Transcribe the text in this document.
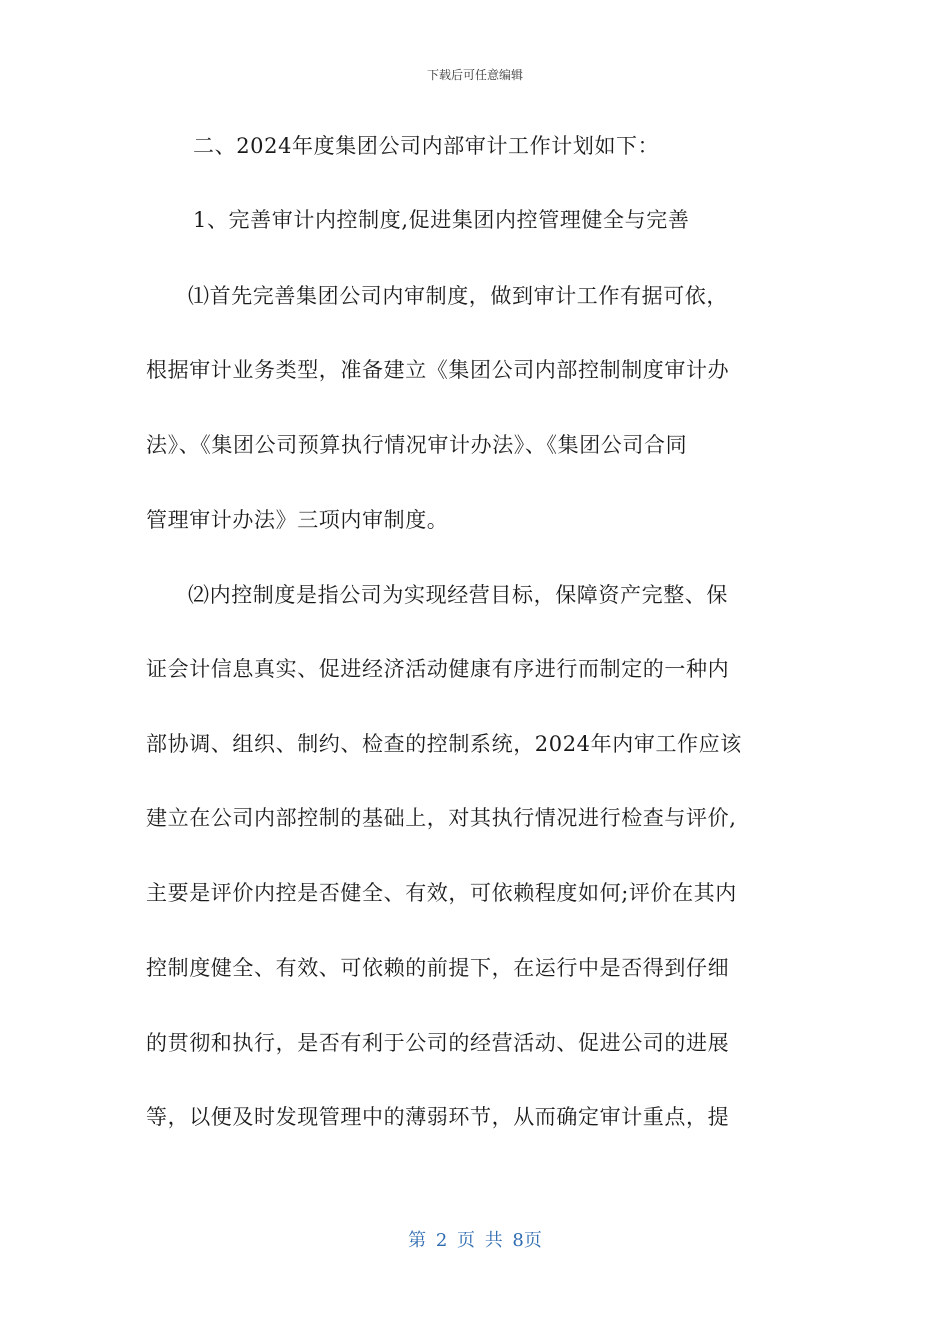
下载后可任意编辑
二、2024年度集团公司内部审计工作计划如下：
1、完善审计内控制度,促进集团内控管理健全与完善
⑴首先完善集团公司内审制度，做到审计工作有据可依，
根据审计业务类型，准备建立《集团公司内部控制制度审计办
法》、《集团公司预算执行情况审计办法》、《集团公司合同
管理审计办法》三项内审制度。
⑵内控制度是指公司为实现经营目标，保障资产完整、保
证会计信息真实、促进经济活动健康有序进行而制定的一种内
部协调、组织、制约、检查的控制系统，2024年内审工作应该
建立在公司内部控制的基础上，对其执行情况进行检查与评价,
主要是评价内控是否健全、有效，可依赖程度如何;评价在其内
控制度健全、有效、可依赖的前提下，在运行中是否得到仔细
的贯彻和执行，是否有利于公司的经营活动、促进公司的进展
等，以便及时发现管理中的薄弱环节，从而确定审计重点，提
第 2 页 共 8页
